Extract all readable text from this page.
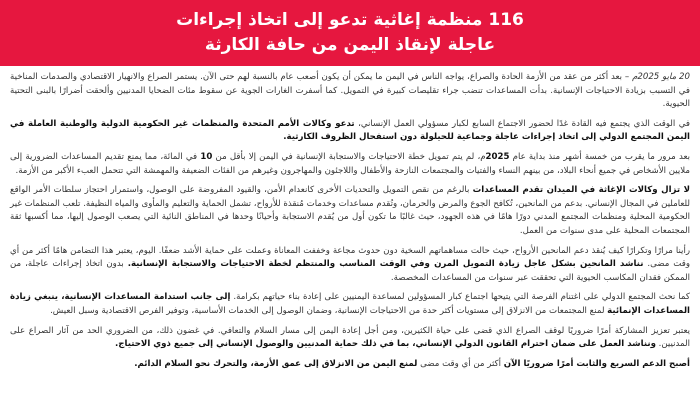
116 منظمة إغاثية تدعو إلى اتخاذ إجراءات
عاجلة لإنقاذ اليمن من حافة الكارثة

20 مايو 2025م – بعد أكثر من عقد من الأزمة الحادة والصراع، يواجه الناس في اليمن ما يمكن أن يكون أصعب عام بالنسبة لهم حتى الآن. يستمر الصراع والانهيار الاقتصادي والصدمات المناخية في التسبب بزيادة الاحتياجات الإنسانية. بدأت المساعدات تنضب جراء تقليصات كبيرة في التمويل. كما أسفرت الغارات الجوية عن سقوط مئات الضحايا المدنيين وألحقت أضرارًا بالبنى التحتية الحيوية.

في الوقت الذي يجتمع فيه القادة غدًا لحضور الاجتماع السابع لكبار مسؤولي العمل الإنساني، تدعو وكالات الأمم المتحدة والمنظمات غير الحكومية الدولية والوطنية العاملة في اليمن المجتمع الدولي إلى اتخاذ إجراءات عاجلة وجماعية للحيلولة دون استفحال الظروف الكارثية.

بعد مرور ما يقرب من خمسة أشهر منذ بداية عام 2025م، لم يتم تمويل خطة الاحتياجات والاستجابة الإنسانية في اليمن إلا بأقل من 10 في المائة، مما يمنع تقديم المساعدات الضرورية إلى ملايين الأشخاص في جميع أنحاء البلاد، من بينهم النساء والفتيات والمجتمعات النازحة والأطفال واللاجئون والمهاجرون وغيرهم من الفئات الضعيفة والمهمشة التي تتحمل العبء الأكبر من الأزمة.

لا تزال وكالات الإغاثة في الميدان تقدم المساعدات بالرغم من نقص التمويل والتحديات الأخرى كانعدام الأمن، والقيود المفروضة على الوصول، واستمرار احتجاز سلطات الأمر الواقع للعاملين في المجال الإنساني. بدعم من المانحين، تُكافح الجوع والمرض والحرمان، وتُقدم مساعدات وخدمات مُنقذة للأرواح، تشمل الحماية والتعليم والمأوى والمياه النظيفة. تلعب المنظمات غير الحكومية المحلية ومنظمات المجتمع المدني دورًا هامًا في هذه الجهود، حيث غالبًا ما تكون أول من يُقدم الاستجابة وأحيانًا وحدها في المناطق النائية التي يصعب الوصول إليها، مما أكسبها ثقة المجتمعات المحلية على مدى سنوات من العمل.

رأينا مرارًا وتكرارًا كيف يُنقذ دعم المانحين الأرواح، حيث حالت مساهماتهم السخية دون حدوث مجاعة وخففت المعاناة وعملت على حماية الأشد ضعفًا. اليوم، يعتبر هذا التضامن هامًا أكثر من أي وقت مضى. نناشد المانحين بشكل عاجل زيادة التمويل المرن وفي الوقت المناسب والمنتظم لخطة الاحتياجات والاستجابة الإنسانية. بدون اتخاذ إجراءات عاجلة، من الممكن فقدان المكاسب الحيوية التي تحققت عبر سنوات من المساعدات المخصصة.

كما نحث المجتمع الدولي على اغتنام الفرصة التي يتيحها اجتماع كبار المسؤولين لمساعدة اليمنيين على إعادة بناء حياتهم بكرامة. إلى جانب استدامة المساعدات الإنسانية، ينبغي زيادة المساعدات الإنمائية لمنع المجتمعات من الانزلاق إلى مستويات أكثر حدة من الاحتياجات الإنسانية، وضمان الوصول إلى الخدمات الأساسية، وتوفير الفرص الاقتصادية وسبل العيش.

يعتبر تعزيز المشاركة أمرًا ضروريًا لوقف الصراع الذي قضى على حياة الكثيرين، ومن أجل إعادة اليمن إلى مسار السلام والتعافي. في غضون ذلك، من الضروري الحد من آثار الصراع على المدنيين. ونناشد العمل على ضمان احترام القانون الدولي الإنساني، بما في ذلك حماية المدنيين والوصول الإنساني إلى جميع ذوي الاحتياج.

أصبح الدعم السريع والثابت أمرًا ضروريًا الآن أكثر من أي وقت مضى لمنع اليمن من الانزلاق إلى عمق الأزمة، والتحرك نحو السلام الدائم.
